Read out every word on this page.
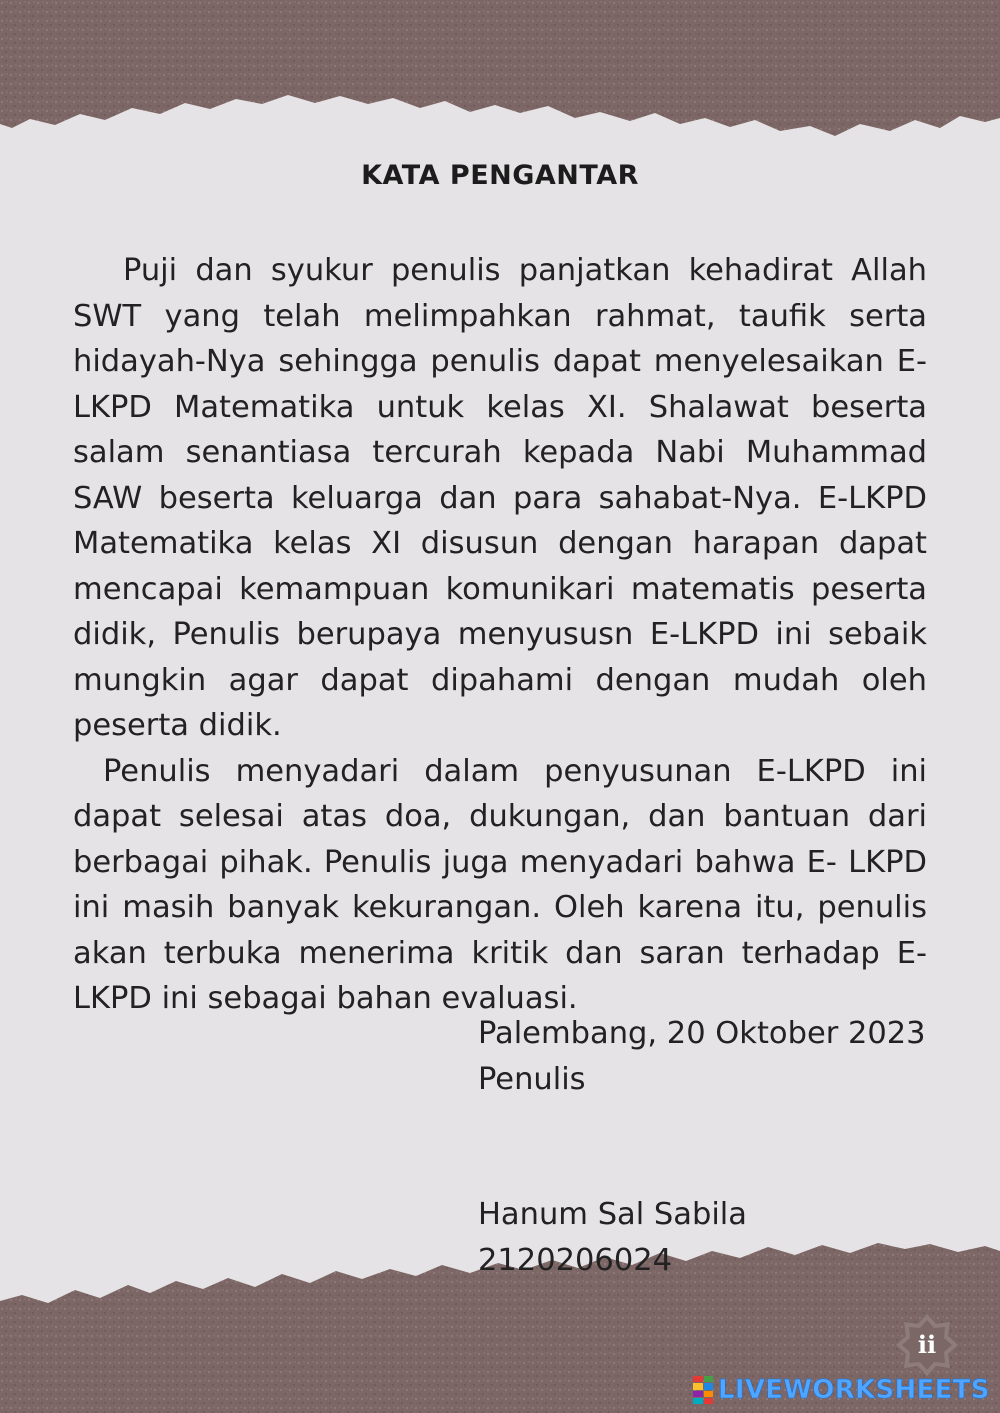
KATA PENGANTAR

Puji dan syukur penulis panjatkan kehadirat Allah SWT yang telah melimpahkan rahmat, taufik serta hidayah-Nya sehingga penulis dapat menyelesaikan E- LKPD Matematika untuk kelas XI. Shalawat beserta salam senantiasa tercurah kepada Nabi Muhammad SAW beserta keluarga dan para sahabat-Nya. E-LKPD Matematika kelas XI disusun dengan harapan dapat mencapai kemampuan komunikari matematis peserta didik, Penulis berupaya menyususn E-LKPD ini sebaik mungkin agar dapat dipahami dengan mudah oleh peserta didik.

Penulis menyadari dalam penyusunan E-LKPD ini dapat selesai atas doa, dukungan, dan bantuan dari berbagai pihak. Penulis juga menyadari bahwa E- LKPD ini masih banyak kekurangan. Oleh karena itu, penulis akan terbuka menerima kritik dan saran terhadap E-LKPD ini sebagai bahan evaluasi.

Palembang, 20 Oktober 2023
Penulis
Hanum Sal Sabila
2120206024
ii
LIVEWORKSHEETS
